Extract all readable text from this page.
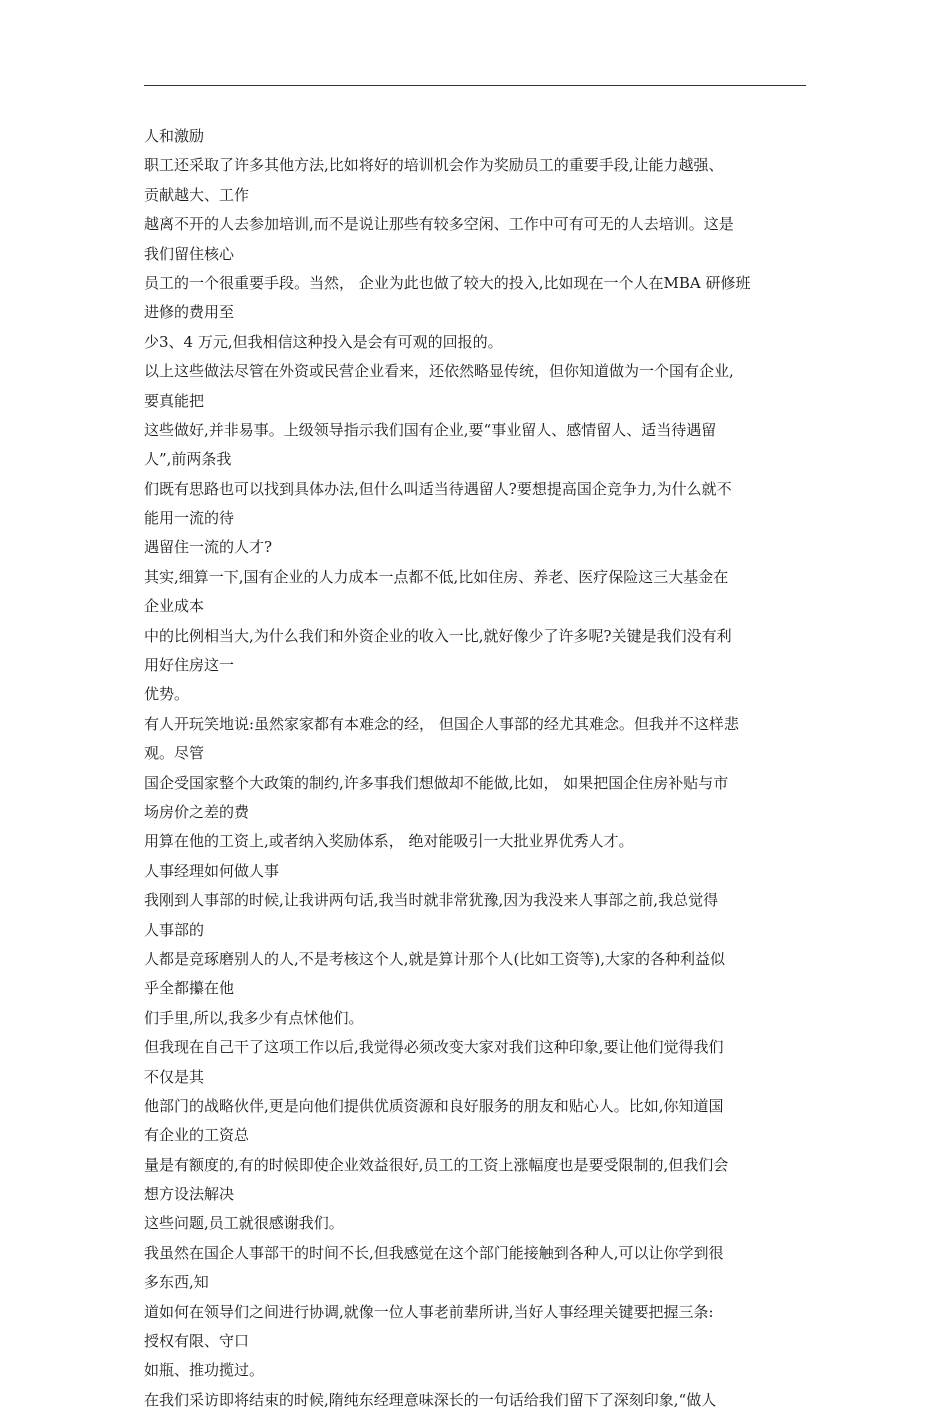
人和激励
职工还采取了许多其他方法,比如将好的培训机会作为奖励员工的重要手段,让能力越强、
贡献越大、工作
越离不开的人去参加培训,而不是说让那些有较多空闲、工作中可有可无的人去培训。这是
我们留住核心
员工的一个很重要手段。当然， 企业为此也做了较大的投入,比如现在一个人在MBA 研修班
进修的费用至
少3、4 万元,但我相信这种投入是会有可观的回报的。
以上这些做法尽管在外资或民营企业看来，还依然略显传统，但你知道做为一个国有企业,
要真能把
这些做好,并非易事。上级领导指示我们国有企业,要“事业留人、感情留人、适当待遇留
人”,前两条我
们既有思路也可以找到具体办法,但什么叫适当待遇留人?要想提高国企竞争力,为什么就不
能用一流的待
遇留住一流的人才?
其实,细算一下,国有企业的人力成本一点都不低,比如住房、养老、医疗保险这三大基金在
企业成本
中的比例相当大,为什么我们和外资企业的收入一比,就好像少了许多呢?关键是我们没有利
用好住房这一
优势。
有人开玩笑地说:虽然家家都有本难念的经， 但国企人事部的经尤其难念。但我并不这样悲
观。尽管
国企受国家整个大政策的制约,许多事我们想做却不能做,比如， 如果把国企住房补贴与市
场房价之差的费
用算在他的工资上,或者纳入奖励体系， 绝对能吸引一大批业界优秀人才。
人事经理如何做人事
我刚到人事部的时候,让我讲两句话,我当时就非常犹豫,因为我没来人事部之前,我总觉得
人事部的
人都是竞琢磨别人的人,不是考核这个人,就是算计那个人(比如工资等),大家的各种利益似
乎全都攥在他
们手里,所以,我多少有点怵他们。
但我现在自己干了这项工作以后,我觉得必须改变大家对我们这种印象,要让他们觉得我们
不仅是其
他部门的战略伙伴,更是向他们提供优质资源和良好服务的朋友和贴心人。比如,你知道国
有企业的工资总
量是有额度的,有的时候即使企业效益很好,员工的工资上涨幅度也是要受限制的,但我们会
想方设法解决
这些问题,员工就很感谢我们。
我虽然在国企人事部干的时间不长,但我感觉在这个部门能接触到各种人,可以让你学到很
多东西,知
道如何在领导们之间进行协调,就像一位人事老前辈所讲,当好人事经理关键要把握三条:
授权有限、守口
如瓶、推功揽过。
在我们采访即将结束的时候,隋纯东经理意味深长的一句话给我们留下了深刻印象,“做人
